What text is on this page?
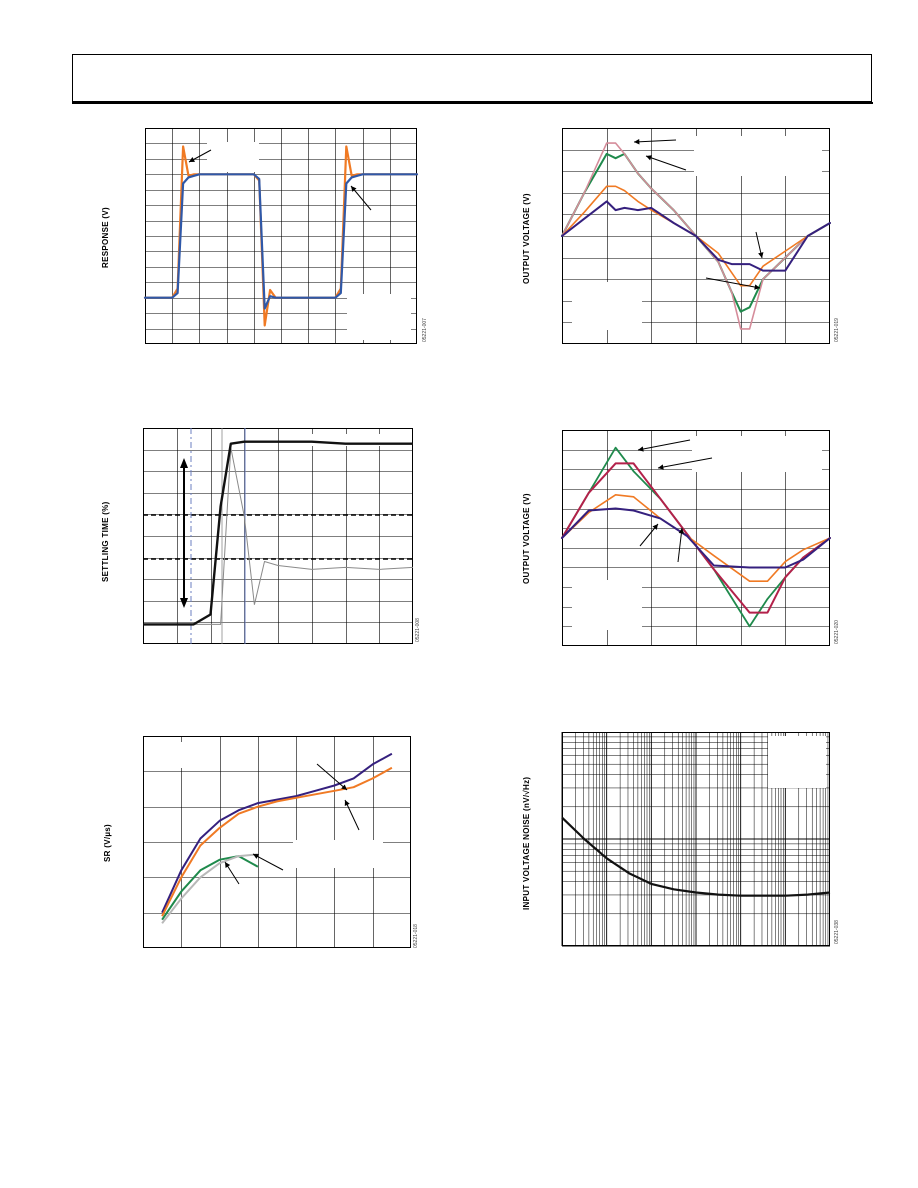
RESPONSE (V)
05221-007
OUTPUT VOLTAGE (V)
05221-019
SETTLING TIME (%)
05221-008
OUTPUT VOLTAGE (V)
05221-020
SR (V/µs)
05221-018
INPUT VOLTAGE NOISE (nV/√Hz)
05221-038
